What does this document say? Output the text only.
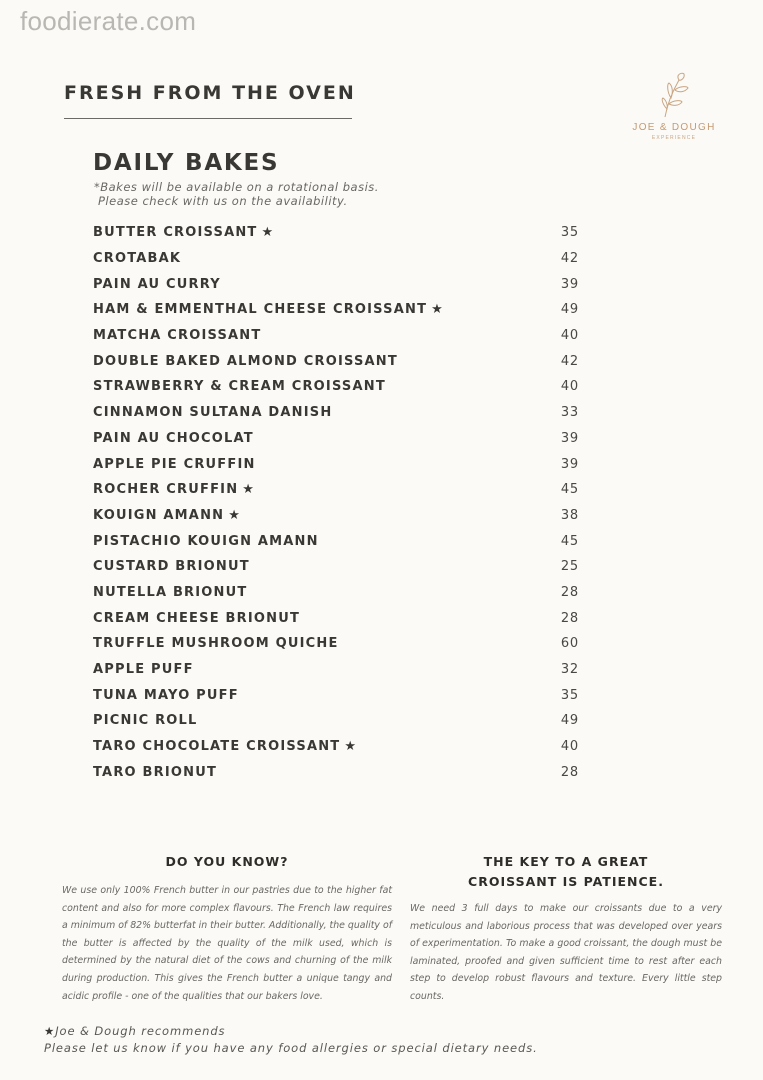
foodierate.com
FRESH FROM THE OVEN
JOE & DOUGH
EXPERIENCE
DAILY BAKES
*Bakes will be available on a rotational basis.
Please check with us on the availability.
BUTTER CROISSANT ★	35
CROTABAK	42
PAIN AU CURRY	39
HAM & EMMENTHAL CHEESE CROISSANT ★	49
MATCHA CROISSANT	40
DOUBLE BAKED ALMOND CROISSANT	42
STRAWBERRY & CREAM CROISSANT	40
CINNAMON SULTANA DANISH	33
PAIN AU CHOCOLAT	39
APPLE PIE CRUFFIN	39
ROCHER CRUFFIN ★	45
KOUIGN AMANN ★	38
PISTACHIO KOUIGN AMANN	45
CUSTARD BRIONUT	25
NUTELLA BRIONUT	28
CREAM CHEESE BRIONUT	28
TRUFFLE MUSHROOM QUICHE	60
APPLE PUFF	32
TUNA MAYO PUFF	35
PICNIC ROLL	49
TARO CHOCOLATE CROISSANT ★	40
TARO BRIONUT	28
DO YOU KNOW?

We use only 100% French butter in our pastries due to the higher fat content and also for more complex flavours. The French law requires a minimum of 82% butterfat in their butter. Additionally, the quality of the butter is affected by the quality of the milk used, which is determined by the natural diet of the cows and churning of the milk during production. This gives the French butter a unique tangy and acidic profile - one of the qualities that our bakers love.

THE KEY TO A GREAT
CROISSANT IS PATIENCE.

We need 3 full days to make our croissants due to a very meticulous and laborious process that was developed over years of experimentation. To make a good croissant, the dough must be laminated, proofed and given sufficient time to rest after each step to develop robust flavours and texture. Every little step counts.

★Joe & Dough recommends
Please let us know if you have any food allergies or special dietary needs.
